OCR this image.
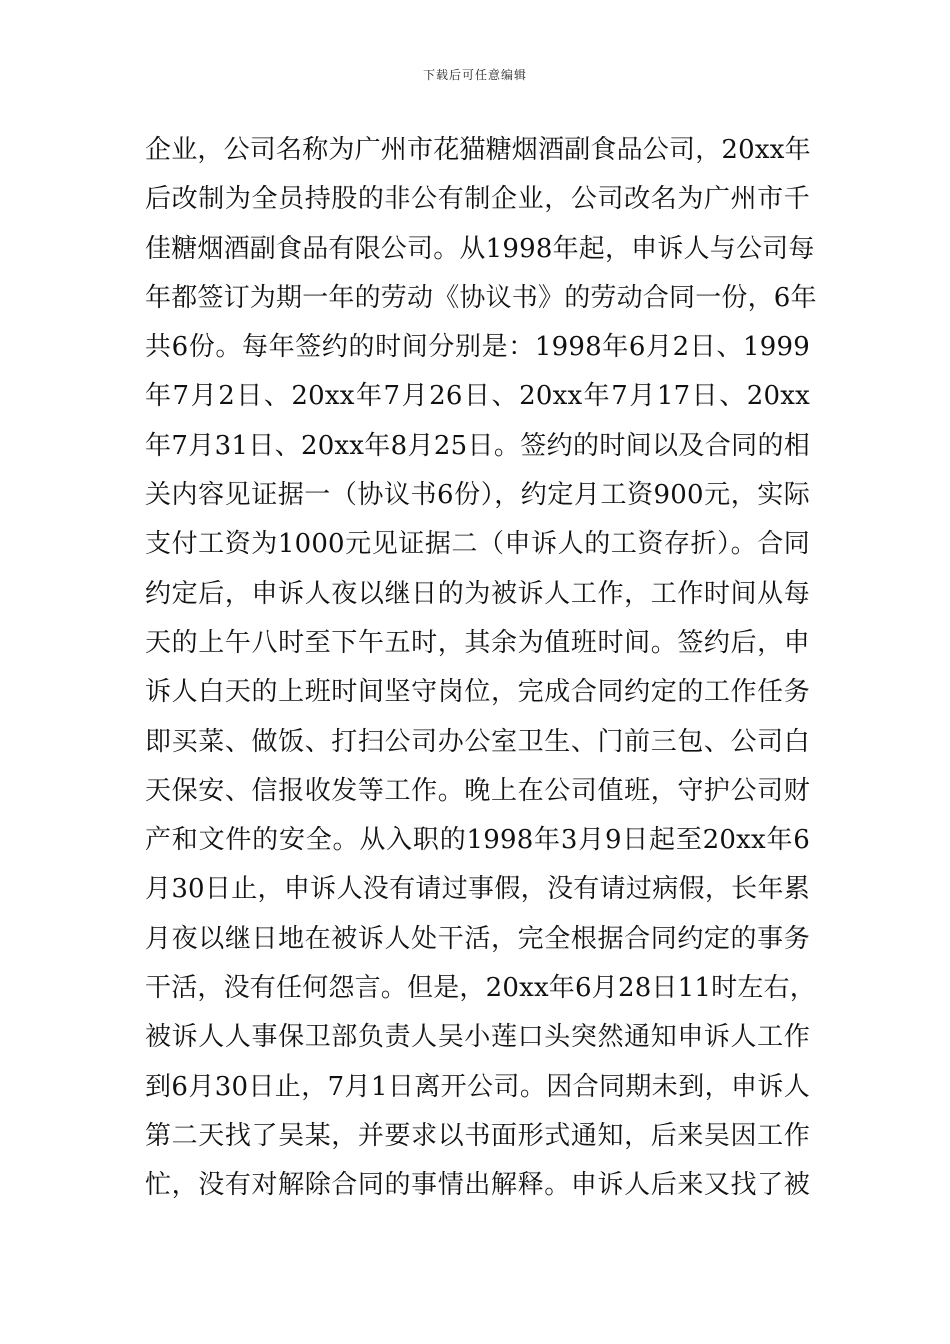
下载后可任意编辑
企业，公司名称为广州市花猫糖烟酒副食品公司，20xx年
后改制为全员持股的非公有制企业，公司改名为广州市千
佳糖烟酒副食品有限公司。从1998年起，申诉人与公司每
年都签订为期一年的劳动《协议书》的劳动合同一份，6年
共6份。每年签约的时间分别是：1998年6月2日、1999
年7月2日、20xx年7月26日、20xx年7月17日、20xx
年7月31日、20xx年8月25日。签约的时间以及合同的相
关内容见证据一（协议书6份），约定月工资900元，实际
支付工资为1000元见证据二（申诉人的工资存折）。合同
约定后，申诉人夜以继日的为被诉人工作，工作时间从每
天的上午八时至下午五时，其余为值班时间。签约后，申
诉人白天的上班时间坚守岗位，完成合同约定的工作任务
即买菜、做饭、打扫公司办公室卫生、门前三包、公司白
天保安、信报收发等工作。晚上在公司值班，守护公司财
产和文件的安全。从入职的1998年3月9日起至20xx年6
月30日止，申诉人没有请过事假，没有请过病假，长年累
月夜以继日地在被诉人处干活，完全根据合同约定的事务
干活，没有任何怨言。但是，20xx年6月28日11时左右，
被诉人人事保卫部负责人吴小莲口头突然通知申诉人工作
到6月30日止，7月1日离开公司。因合同期未到，申诉人
第二天找了吴某，并要求以书面形式通知，后来吴因工作
忙，没有对解除合同的事情出解释。申诉人后来又找了被
